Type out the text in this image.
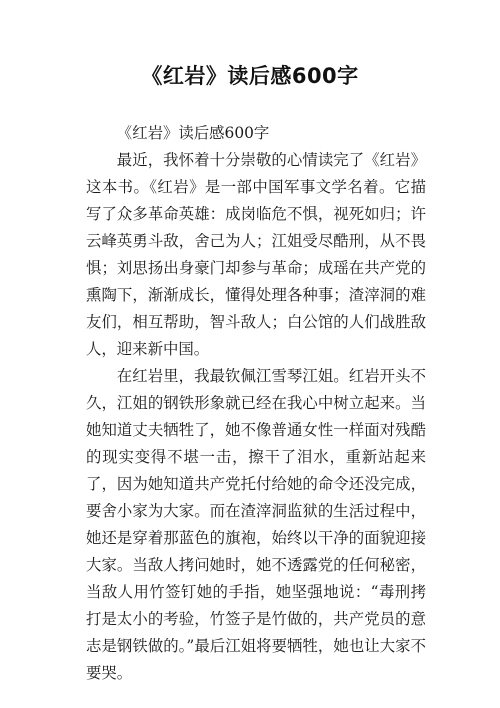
《红岩》读后感600字

《红岩》读后感600字

最近，我怀着十分崇敬的心情读完了《红岩》这本书。《红岩》是一部中国军事文学名着。它描写了众多革命英雄：成岗临危不惧，视死如归；许云峰英勇斗敌，舍己为人；江姐受尽酷刑，从不畏惧；刘思扬出身豪门却参与革命；成瑶在共产党的熏陶下，渐渐成长，懂得处理各种事；渣滓洞的难友们，相互帮助，智斗敌人；白公馆的人们战胜敌人，迎来新中国。

在红岩里，我最钦佩江雪琴江姐。红岩开头不久，江姐的钢铁形象就已经在我心中树立起来。当她知道丈夫牺牲了，她不像普通女性一样面对残酷的现实变得不堪一击，擦干了泪水，重新站起来了，因为她知道共产党托付给她的命令还没完成，要舍小家为大家。而在渣滓洞监狱的生活过程中，她还是穿着那蓝色的旗袍，始终以干净的面貌迎接大家。当敌人拷问她时，她不透露党的任何秘密，当敌人用竹签钉她的手指，她坚强地说：“毒刑拷打是太小的考验，竹签子是竹做的，共产党员的意志是钢铁做的。”最后江姐将要牺牲，她也让大家不要哭。
